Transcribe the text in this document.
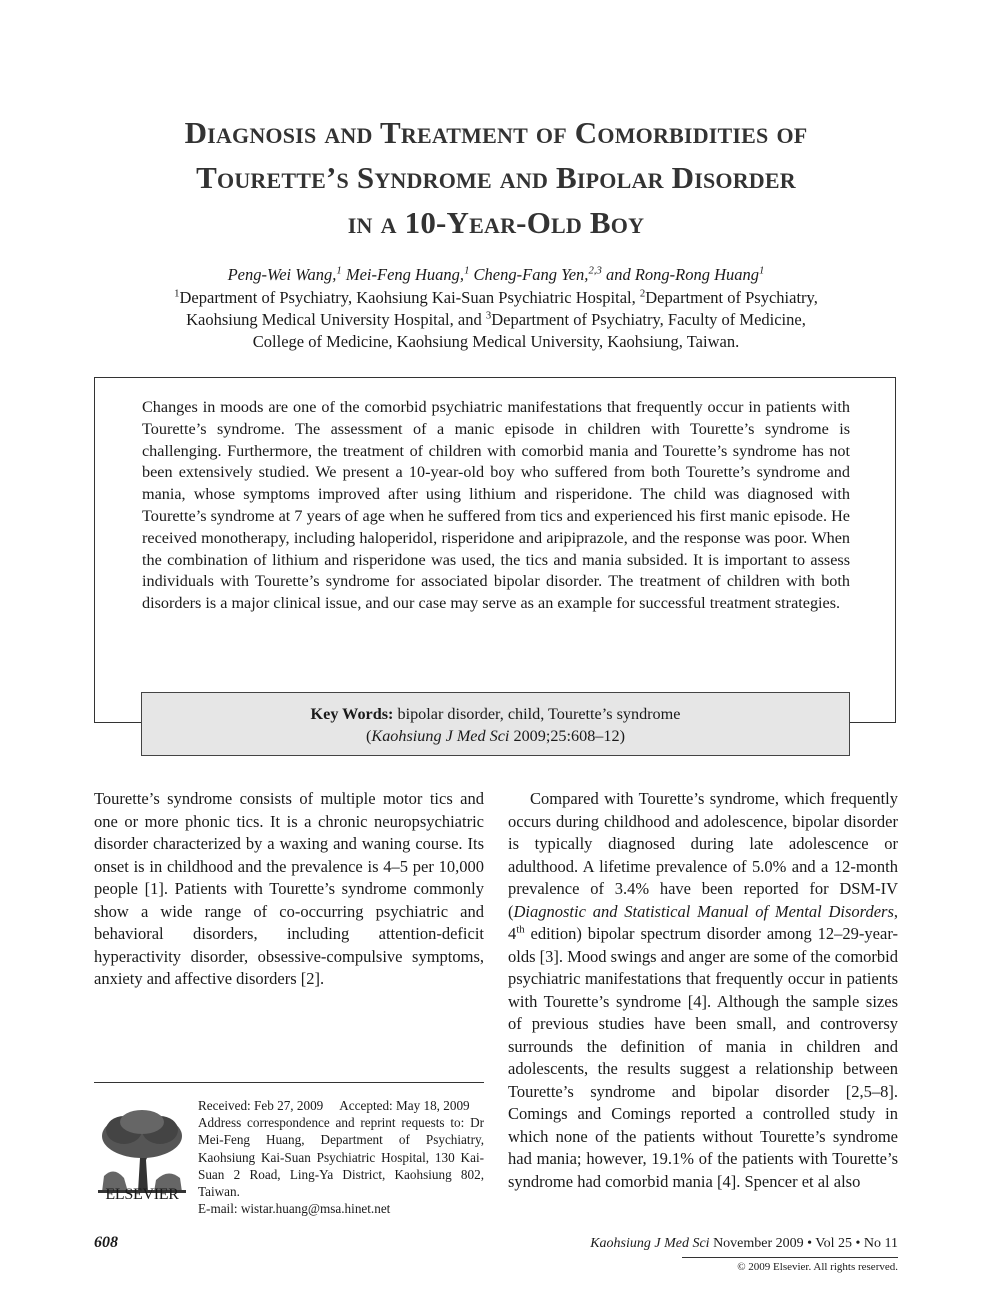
Diagnosis and Treatment of Comorbidities of
Tourette’s Syndrome and Bipolar Disorder
in a 10-Year-Old Boy
Peng-Wei Wang,$^1$ Mei-Feng Huang,$^1$ Cheng-Fang Yen,$^{2,3}$ and Rong-Rong Huang$^1$
$^1$Department of Psychiatry, Kaohsiung Kai-Suan Psychiatric Hospital, $^2$Department of Psychiatry,
Kaohsiung Medical University Hospital, and $^3$Department of Psychiatry, Faculty of Medicine,
College of Medicine, Kaohsiung Medical University, Kaohsiung, Taiwan.
Changes in moods are one of the comorbid psychiatric manifestations that frequently occur in patients with Tourette’s syndrome. The assessment of a manic episode in children with Tourette’s syndrome is challenging. Furthermore, the treatment of children with comorbid mania and Tourette’s syndrome has not been extensively studied. We present a 10-year-old boy who suffered from both Tourette’s syndrome and mania, whose symptoms improved after using lithium and risperidone. The child was diagnosed with Tourette’s syndrome at 7 years of age when he suffered from tics and experienced his first manic episode. He received monotherapy, including haloperidol, risperidone and aripiprazole, and the response was poor. When the combination of lithium and risperidone was used, the tics and mania subsided. It is important to assess individuals with Tourette’s syndrome for associated bipolar disorder. The treatment of children with both disorders is a major clinical issue, and our case may serve as an example for successful treatment strategies.
Key Words: bipolar disorder, child, Tourette’s syndrome
(Kaohsiung J Med Sci 2009;25:608–12)
Tourette’s syndrome consists of multiple motor tics and one or more phonic tics. It is a chronic neuropsychiatric disorder characterized by a waxing and waning course. Its onset is in childhood and the prevalence is 4–5 per 10,000 people [1]. Patients with Tourette’s syndrome commonly show a wide range of co-occurring psychiatric and behavioral disorders, including attention-deficit hyperactivity disorder, obsessive-compulsive symptoms, anxiety and affective disorders [2].
Compared with Tourette’s syndrome, which frequently occurs during childhood and adolescence, bipolar disorder is typically diagnosed during late adolescence or adulthood. A lifetime prevalence of 5.0% and a 12-month prevalence of 3.4% have been reported for DSM-IV (Diagnostic and Statistical Manual of Mental Disorders, 4th edition) bipolar spectrum disorder among 12–29-year-olds [3]. Mood swings and anger are some of the comorbid psychiatric manifestations that frequently occur in patients with Tourette’s syndrome [4]. Although the sample sizes of previous studies have been small, and controversy surrounds the definition of mania in children and adolescents, the results suggest a relationship between Tourette’s syndrome and bipolar disorder [2,5–8]. Comings and Comings reported a controlled study in which none of the patients without Tourette’s syndrome had mania; however, 19.1% of the patients with Tourette’s syndrome had comorbid mania [4]. Spencer et al also
ELSEVIER
Received: Feb 27, 2009 Accepted: May 18, 2009
Address correspondence and reprint requests to: Dr Mei-Feng Huang, Department of Psychiatry, Kaohsiung Kai-Suan Psychiatric Hospital, 130 Kai-Suan 2 Road, Ling-Ya District, Kaohsiung 802, Taiwan.
E-mail: wistar.huang@msa.hinet.net
608	Kaohsiung J Med Sci November 2009 • Vol 25 • No 11
© 2009 Elsevier. All rights reserved.
